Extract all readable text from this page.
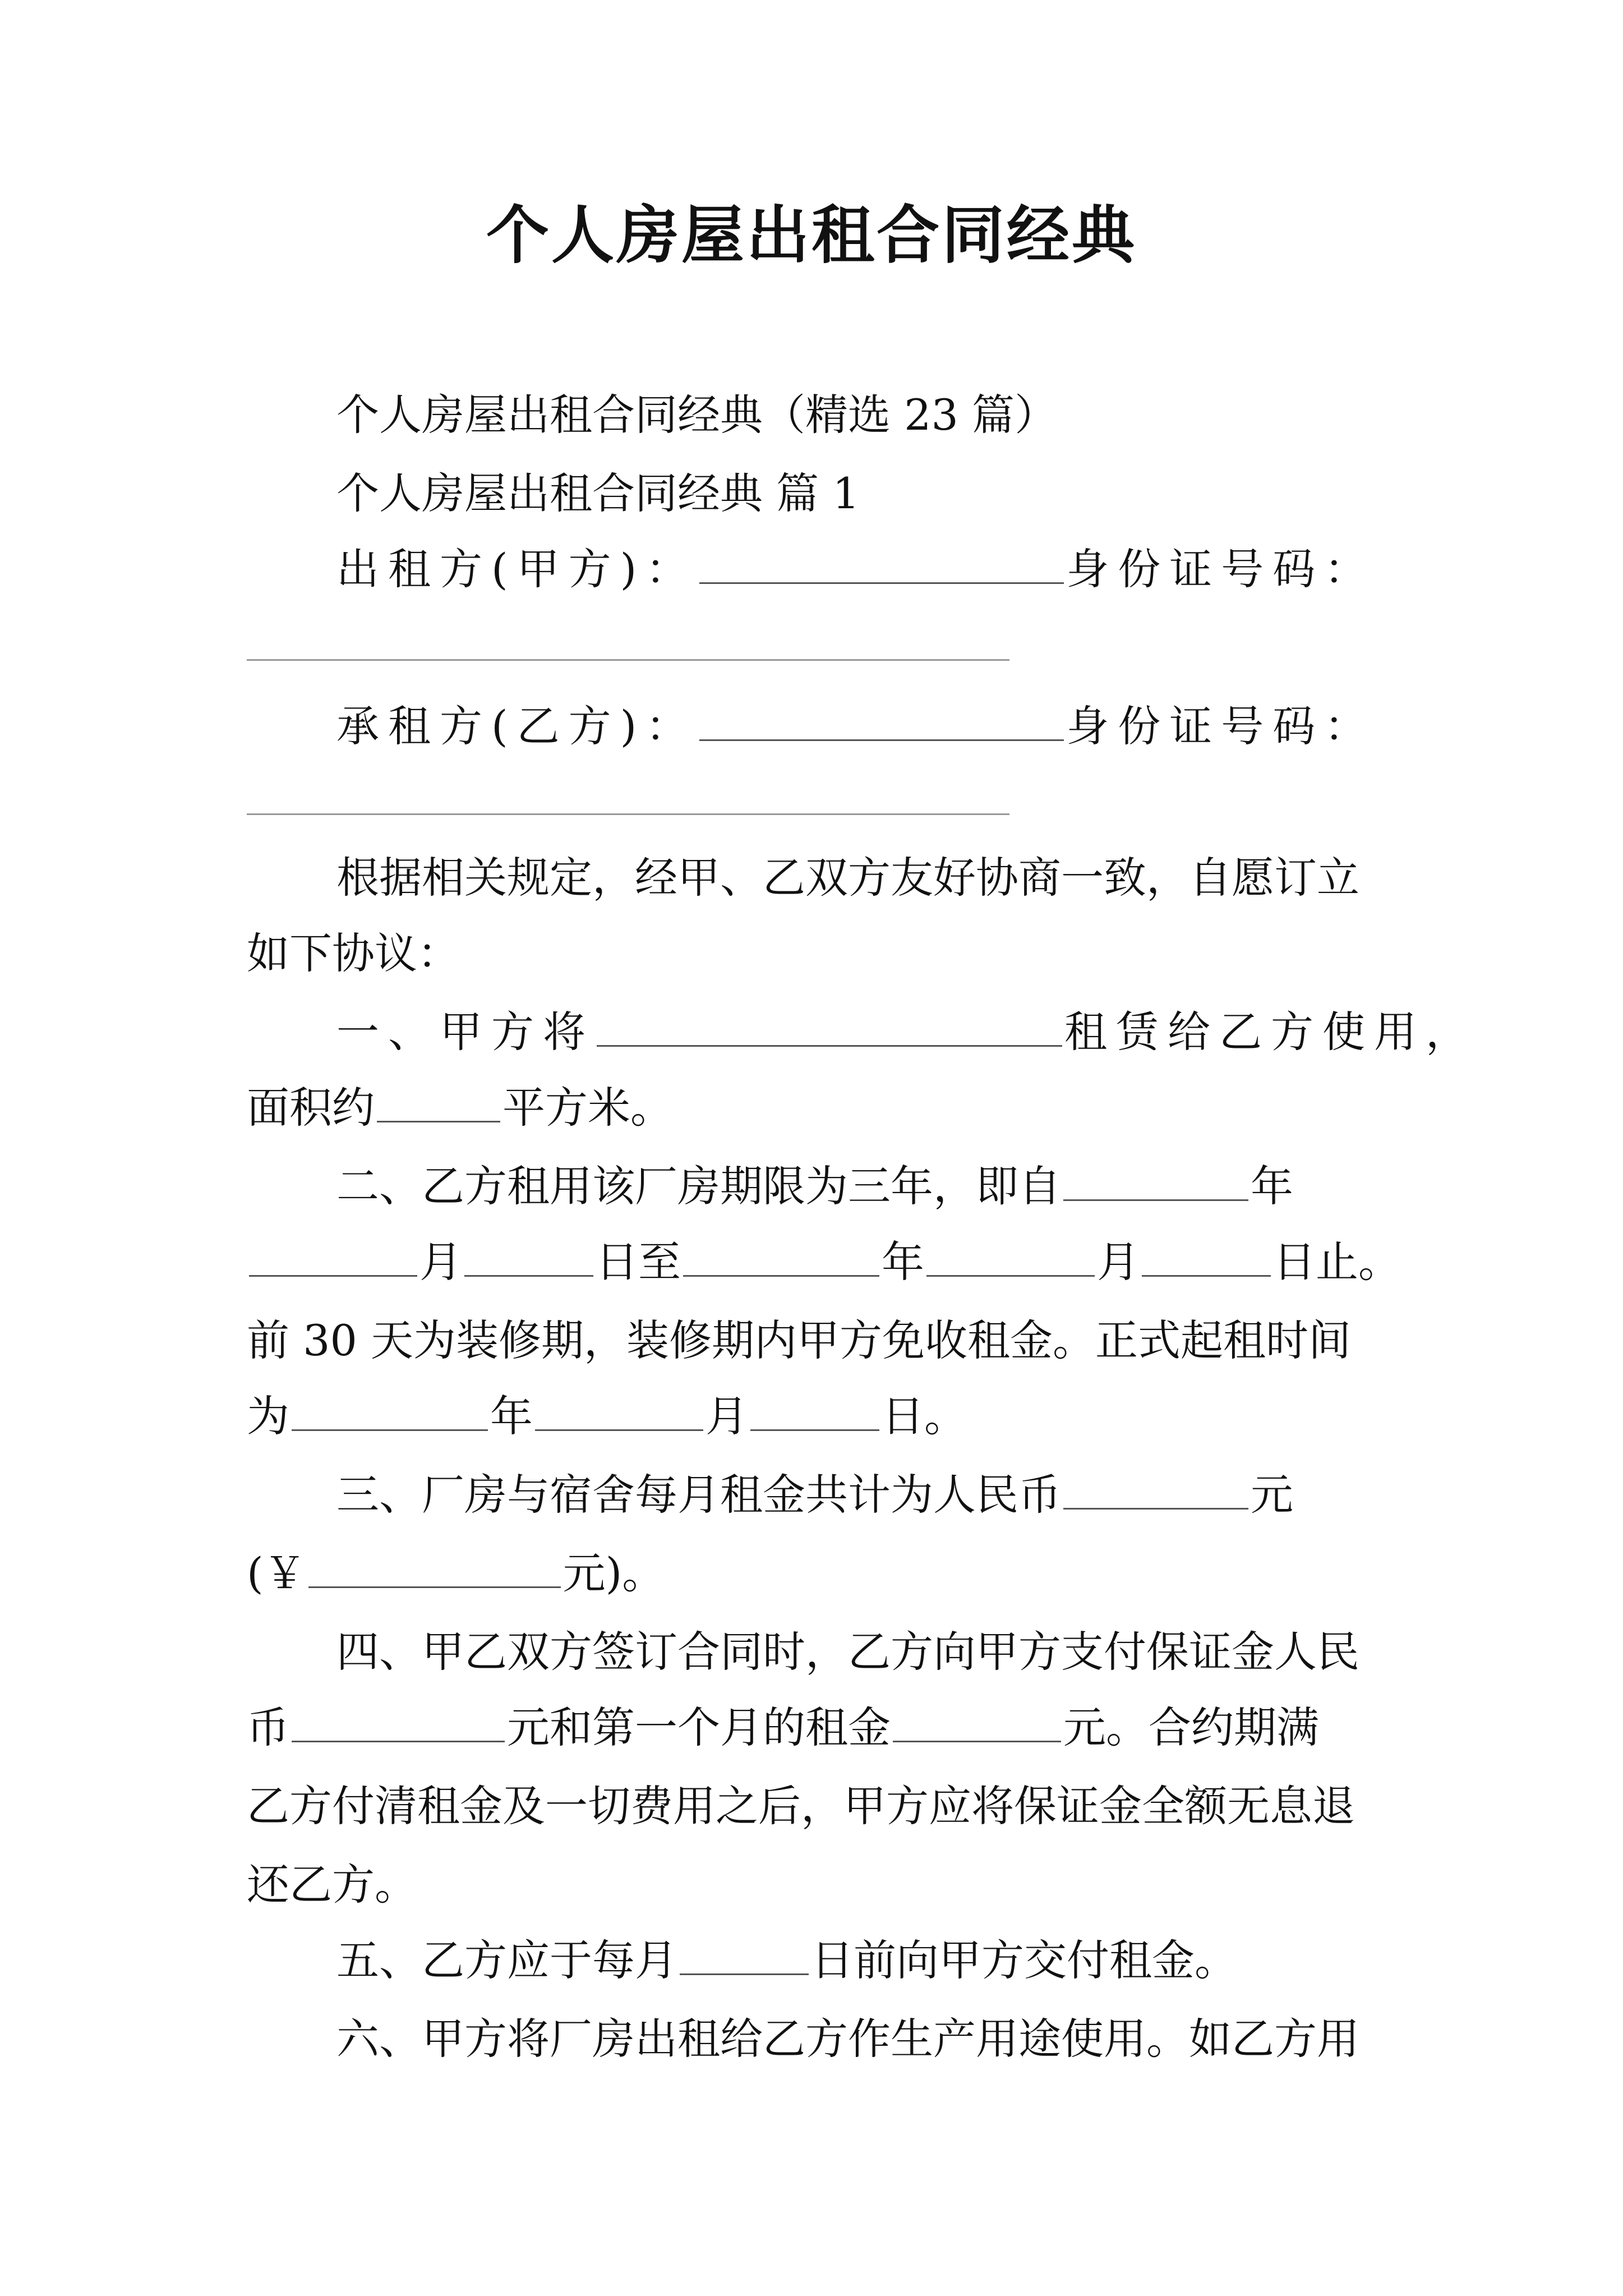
个人房屋出租合同经典
个人房屋出租合同经典（精选 23 篇）
个人房屋出租合同经典 篇 1
出租方(甲方)：	身份证号码：
承租方(乙方)：	身份证号码：
根据相关规定，经甲、乙双方友好协商一致，自愿订立
如下协议：
一、甲方将	租赁给乙方使用，
面积约	平方米。
二、乙方租用该厂房期限为三年，即自	年
月	日至	年	月	日止。
前 30 天为装修期，装修期内甲方免收租金。正式起租时间
为	年	月	日。
三、厂房与宿舍每月租金共计为人民币	元
(￥	元)。
四、甲乙双方签订合同时，乙方向甲方支付保证金人民
币	元和第一个月的租金	元。合约期满
乙方付清租金及一切费用之后，甲方应将保证金全额无息退
还乙方。
五、乙方应于每月	日前向甲方交付租金。
六、甲方将厂房出租给乙方作生产用途使用。如乙方用
